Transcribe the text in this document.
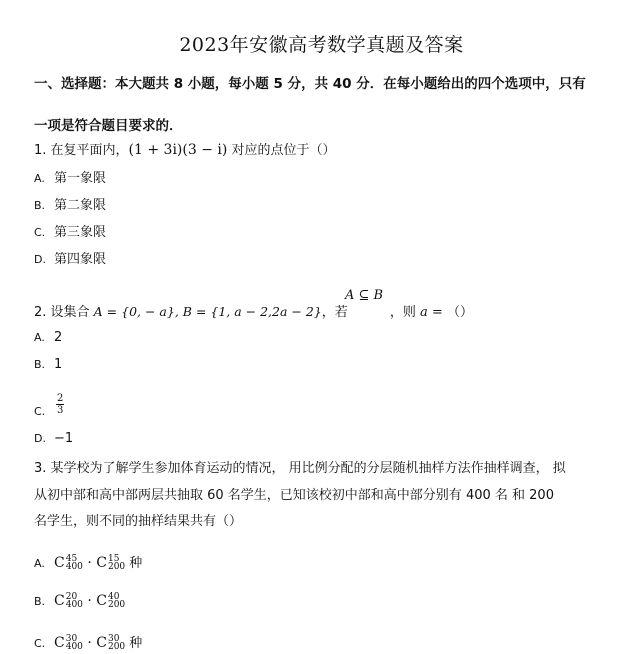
2023年安徽高考数学真题及答案
一、选择题：本大题共 8 小题，每小题 5 分，共 40 分．在每小题给出的四个选项中，只有
一项是符合题目要求的．
1. 在复平面内，(1 + 3i)(3 − i) 对应的点位于（）
A. 第一象限
B. 第二象限
C. 第三象限
D. 第四象限
2. 设集合 A = {0, − a}, B = {1, a − 2,2a − 2}，若	，则 a = （）
A ⊆ B
A. 2
B. 1
C.	$\frac{2}{3}$
D. −1
3. 某学校为了解学生参加体育运动的情况， 用比例分配的分层随机抽样方法作抽样调查， 拟
从初中部和高中部两层共抽取 60 名学生，已知该校初中部和高中部分别有 400 名 和 200
名学生，则不同的抽样结果共有（）
A. C 45
400 · C 15
200 种
B. C 20
400 · C 40
200
C. C 30
400 · C 30
200 种
